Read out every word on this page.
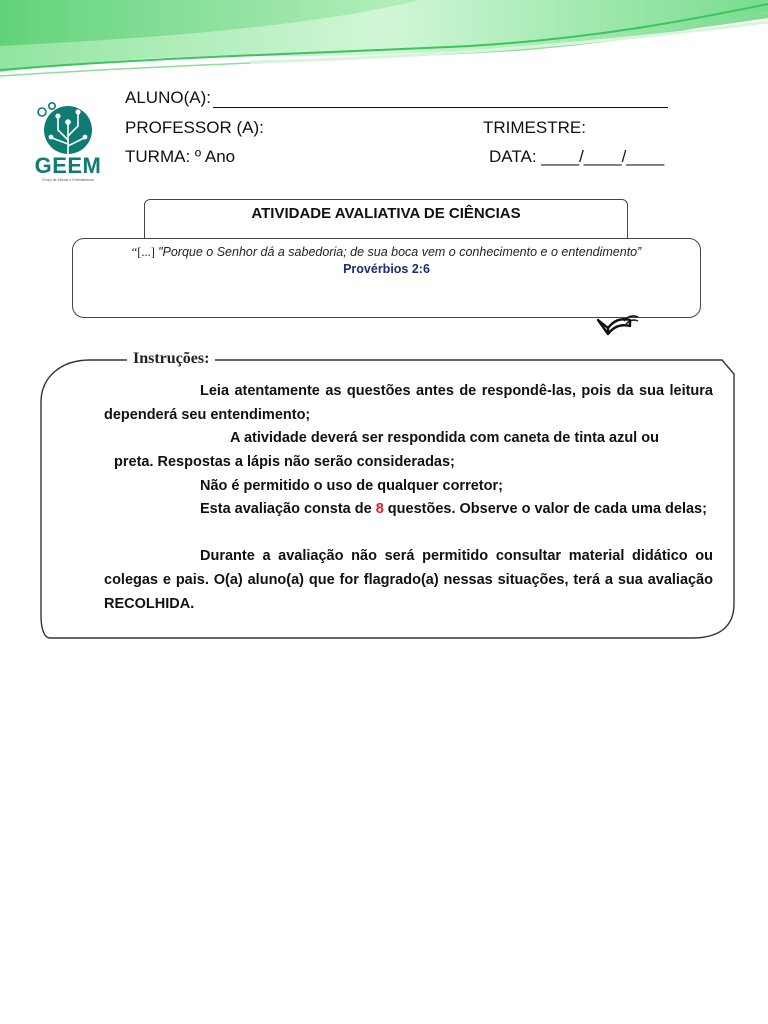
GEEM
Grupo de Estudo e Entendimento
ALUNO(A):
PROFESSOR (A):	TRIMESTRE:
TURMA: º Ano	DATA: ____/____/____
ATIVIDADE AVALIATIVA DE CIÊNCIAS
“[...] "Porque o Senhor dá a sabedoria; de sua boca vem o conhecimento e o entendimento”
Provérbios 2:6
Instruções:

Leia atentamente as questões antes de respondê-las, pois da sua leitura dependerá seu entendimento;

A atividade deverá ser respondida com caneta de tinta azul ou
preta. Respostas a lápis não serão consideradas;

Não é permitido o uso de qualquer corretor;

Esta avaliação consta de 8 questões. Observe o valor de cada uma delas;

Durante a avaliação não será permitido consultar material didático ou colegas e pais. O(a) aluno(a) que for flagrado(a) nessas situações, terá a sua avaliação RECOLHIDA.
